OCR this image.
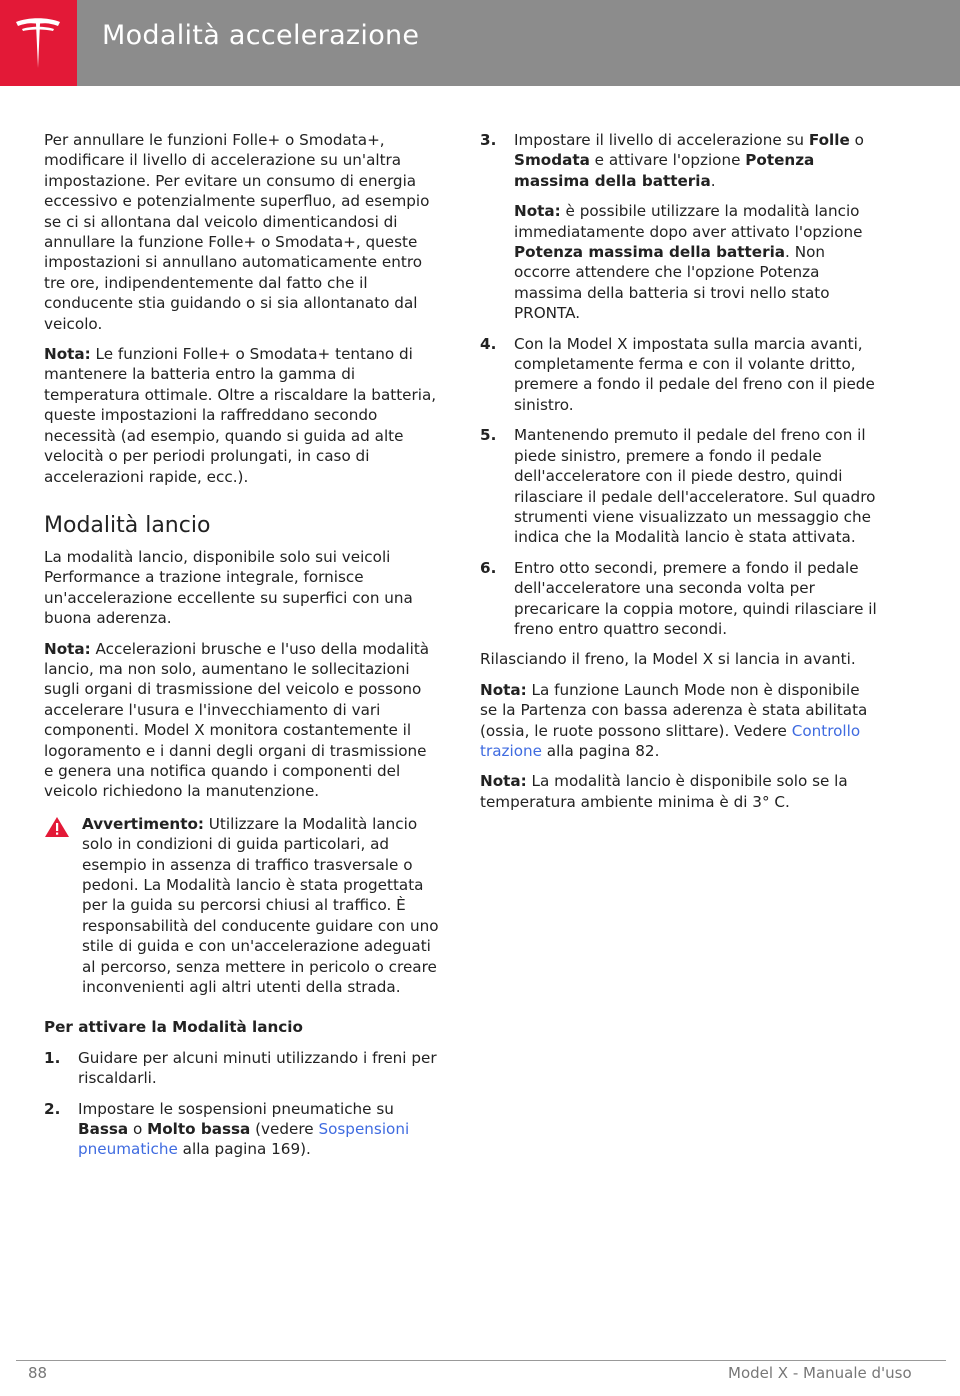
Modalità accelerazione

Per annullare le funzioni Folle+ o Smodata+, modificare il livello di accelerazione su un'altra impostazione. Per evitare un consumo di energia eccessivo e potenzialmente superfluo, ad esempio se ci si allontana dal veicolo dimenticandosi di annullare la funzione Folle+ o Smodata+, queste impostazioni si annullano automaticamente entro tre ore, indipendentemente dal fatto che il conducente stia guidando o si sia allontanato dal veicolo.

Nota: Le funzioni Folle+ o Smodata+ tentano di mantenere la batteria entro la gamma di temperatura ottimale. Oltre a riscaldare la batteria, queste impostazioni la raffreddano secondo necessità (ad esempio, quando si guida ad alte velocità o per periodi prolungati, in caso di accelerazioni rapide, ecc.).

Modalità lancio

La modalità lancio, disponibile solo sui veicoli Performance a trazione integrale, fornisce un'accelerazione eccellente su superfici con una buona aderenza.

Nota: Accelerazioni brusche e l'uso della modalità lancio, ma non solo, aumentano le sollecitazioni sugli organi di trasmissione del veicolo e possono accelerare l'usura e l'invecchiamento di vari componenti. Model X monitora costantemente il logoramento e i danni degli organi di trasmissione e genera una notifica quando i componenti del veicolo richiedono la manutenzione.

Avvertimento: Utilizzare la Modalità lancio solo in condizioni di guida particolari, ad esempio in assenza di traffico trasversale o pedoni. La Modalità lancio è stata progettata per la guida su percorsi chiusi al traffico. È responsabilità del conducente guidare con uno stile di guida e con un'accelerazione adeguati al percorso, senza mettere in pericolo o creare inconvenienti agli altri utenti della strada.
Per attivare la Modalità lancio
1. Guidare per alcuni minuti utilizzando i freni per riscaldarli.
2. Impostare le sospensioni pneumatiche su Bassa o Molto bassa (vedere Sospensioni pneumatiche alla pagina 169).
3. Impostare il livello di accelerazione su Folle o Smodata e attivare l'opzione Potenza massima della batteria.

Nota: è possibile utilizzare la modalità lancio immediatamente dopo aver attivato l'opzione Potenza massima della batteria. Non occorre attendere che l'opzione Potenza massima della batteria si trovi nello stato PRONTA.

4. Con la Model X impostata sulla marcia avanti, completamente ferma e con il volante dritto, premere a fondo il pedale del freno con il piede sinistro.
5. Mantenendo premuto il pedale del freno con il piede sinistro, premere a fondo il pedale dell'acceleratore con il piede destro, quindi rilasciare il pedale dell'acceleratore. Sul quadro strumenti viene visualizzato un messaggio che indica che la Modalità lancio è stata attivata.
6. Entro otto secondi, premere a fondo il pedale dell'acceleratore una seconda volta per precaricare la coppia motore, quindi rilasciare il freno entro quattro secondi.

Rilasciando il freno, la Model X si lancia in avanti.

Nota: La funzione Launch Mode non è disponibile se la Partenza con bassa aderenza è stata abilitata (ossia, le ruote possono slittare). Vedere Controllo trazione alla pagina 82.

Nota: La modalità lancio è disponibile solo se la temperatura ambiente minima è di 3° C.

88	Model X - Manuale d'uso
